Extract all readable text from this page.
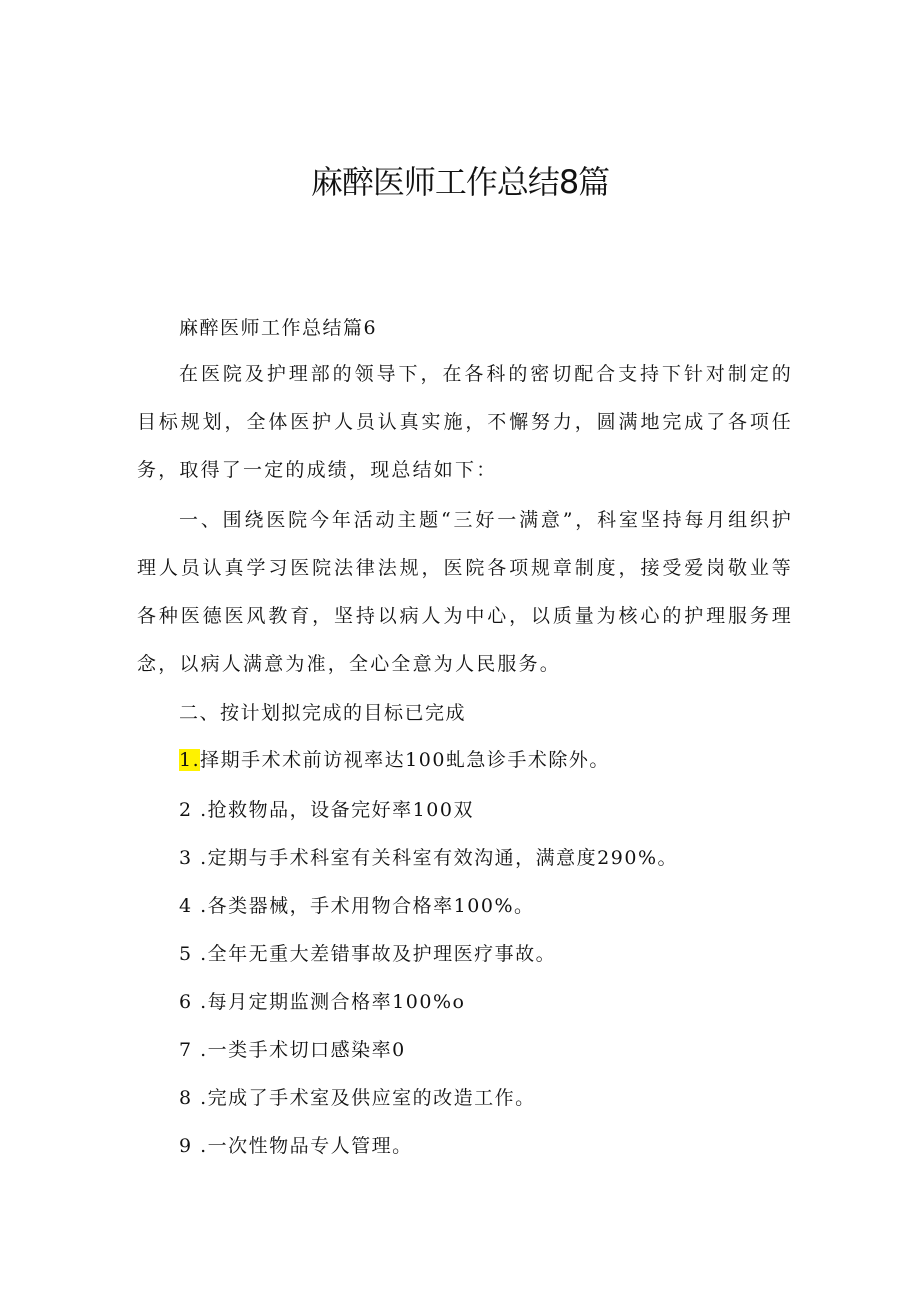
麻醉医师工作总结8篇
麻醉医师工作总结篇6
在医院及护理部的领导下，在各科的密切配合支持下针对制定的目标规划，全体医护人员认真实施，不懈努力，圆满地完成了各项任务，取得了一定的成绩，现总结如下：
一、围绕医院今年活动主题“三好一满意”，科室坚持每月组织护理人员认真学习医院法律法规，医院各项规章制度，接受爱岗敬业等各种医德医风教育，坚持以病人为中心，以质量为核心的护理服务理念，以病人满意为准，全心全意为人民服务。
二、按计划拟完成的目标已完成
1.择期手术术前访视率达100虬急诊手术除外。
2 .抢救物品，设备完好率100双
3 .定期与手术科室有关科室有效沟通，满意度290%。
4 .各类器械，手术用物合格率100%。
5 .全年无重大差错事故及护理医疗事故。
6 .每月定期监测合格率100%o
7 .一类手术切口感染率0
8 .完成了手术室及供应室的改造工作。
9 .一次性物品专人管理。
